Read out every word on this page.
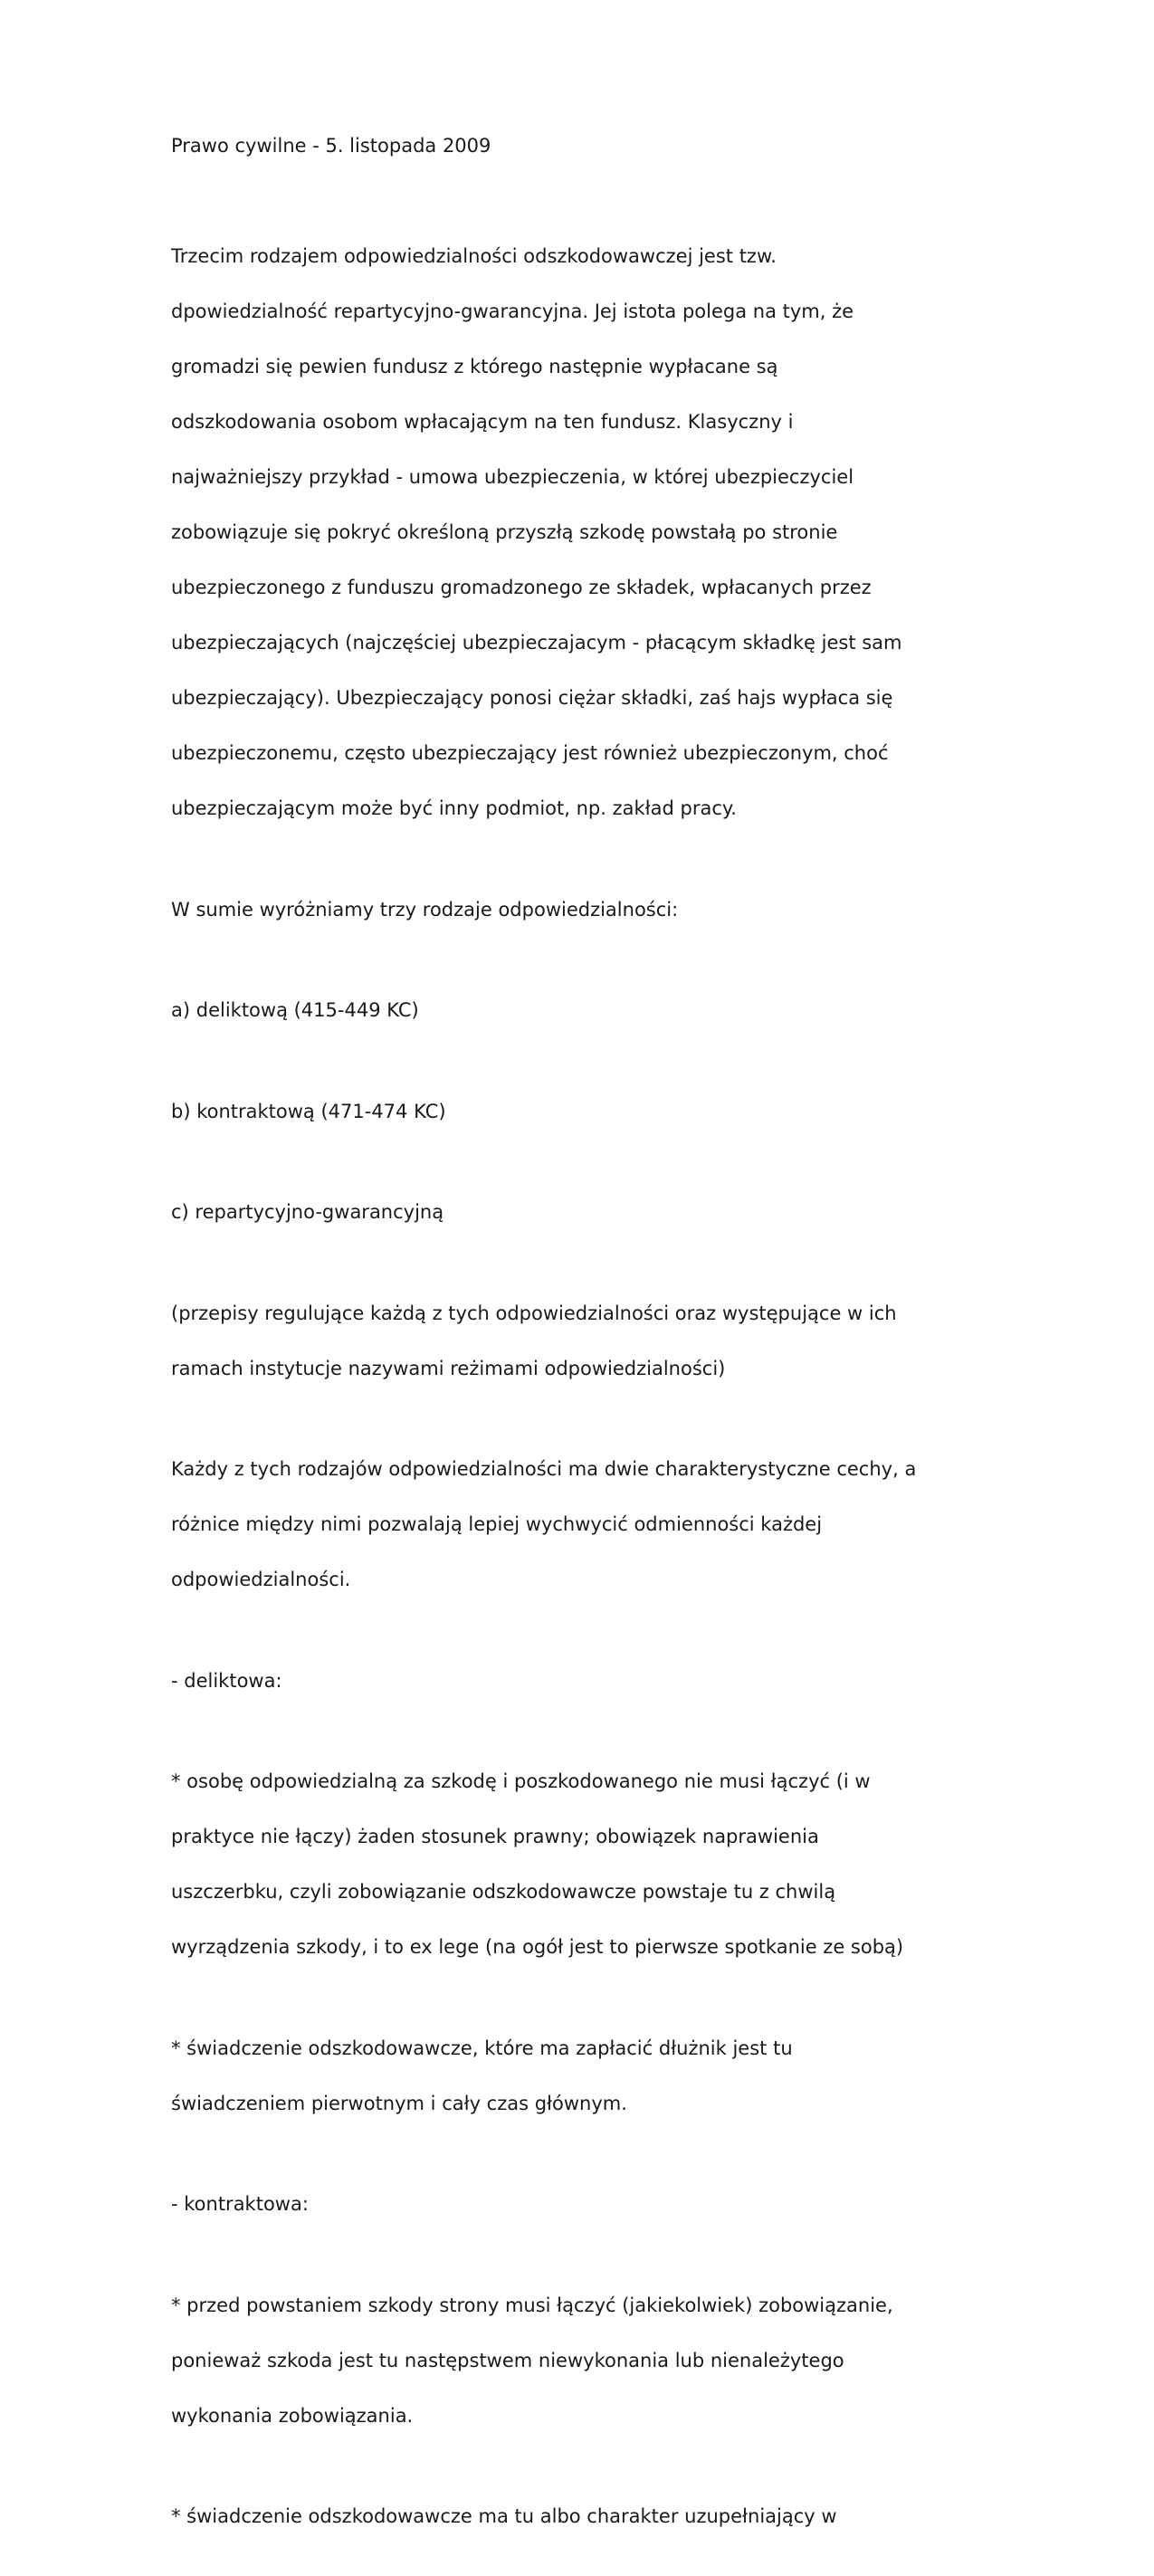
Prawo cywilne - 5. listopada 2009

Trzecim rodzajem odpowiedzialności odszkodowawczej jest tzw.

dpowiedzialność repartycyjno-gwarancyjna. Jej istota polega na tym, że

gromadzi się pewien fundusz z którego następnie wypłacane są

odszkodowania osobom wpłacającym na ten fundusz. Klasyczny i

najważniejszy przykład - umowa ubezpieczenia, w której ubezpieczyciel

zobowiązuje się pokryć określoną przyszłą szkodę powstałą po stronie

ubezpieczonego z funduszu gromadzonego ze składek, wpłacanych przez

ubezpieczających (najczęściej ubezpieczajacym - płacącym składkę jest sam

ubezpieczający). Ubezpieczający ponosi ciężar składki, zaś hajs wypłaca się

ubezpieczonemu, często ubezpieczający jest również ubezpieczonym, choć

ubezpieczającym może być inny podmiot, np. zakład pracy.

W sumie wyróżniamy trzy rodzaje odpowiedzialności:

a) deliktową (415-449 KC)

b) kontraktową (471-474 KC)

c) repartycyjno-gwarancyjną

(przepisy regulujące każdą z tych odpowiedzialności oraz występujące w ich

ramach instytucje nazywami reżimami odpowiedzialności)

Każdy z tych rodzajów odpowiedzialności ma dwie charakterystyczne cechy, a

różnice między nimi pozwalają lepiej wychwycić odmienności każdej

odpowiedzialności.

- deliktowa:

* osobę odpowiedzialną za szkodę i poszkodowanego nie musi łączyć (i w

praktyce nie łączy) żaden stosunek prawny; obowiązek naprawienia

uszczerbku, czyli zobowiązanie odszkodowawcze powstaje tu z chwilą

wyrządzenia szkody, i to ex lege (na ogół jest to pierwsze spotkanie ze sobą)

* świadczenie odszkodowawcze, które ma zapłacić dłużnik jest tu

świadczeniem pierwotnym i cały czas głównym.

- kontraktowa:

* przed powstaniem szkody strony musi łączyć (jakiekolwiek) zobowiązanie,

ponieważ szkoda jest tu następstwem niewykonania lub nienależytego

wykonania zobowiązania.

* świadczenie odszkodowawcze ma tu albo charakter uzupełniający w
